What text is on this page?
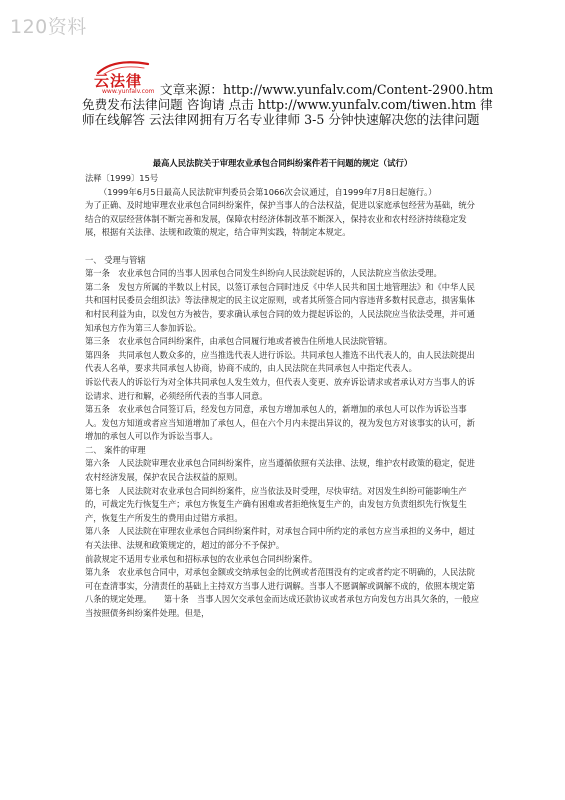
120资料
云法律
www.yunfalv.com 文章来源：http://www.yunfalv.com/Content-2900.htm 免费发布法律问题 咨询请 点击 http://www.yunfalv.com/tiwen.htm 律师在线解答 云法律网拥有万名专业律师 3-5 分钟快速解决您的法律问题
最高人民法院关于审理农业承包合同纠纷案件若干问题的规定（试行）

法释〔1999〕15号

（1999年6月5日最高人民法院审判委员会第1066次会议通过，自1999年7月8日起施行。）

为了正确、及时地审理农业承包合同纠纷案件，保护当事人的合法权益，促进以家庭承包经营为基础，统分结合的双层经营体制不断完善和发展，保障农村经济体制改革不断深入，保持农业和农村经济持续稳定发展，根据有关法律、法规和政策的规定，结合审判实践，特制定本规定。

一、 受理与管辖

第一条　农业承包合同的当事人因承包合同发生纠纷向人民法院起诉的，人民法院应当依法受理。

第二条　发包方所属的半数以上村民，以签订承包合同时违反《中华人民共和国土地管理法》和《中华人民共和国村民委员会组织法》等法律规定的民主议定原则，或者其所签合同内容违背多数村民意志，损害集体和村民利益为由，以发包方为被告，要求确认承包合同的效力提起诉讼的，人民法院应当依法受理，并可通知承包方作为第三人参加诉讼。

第三条　农业承包合同纠纷案件，由承包合同履行地或者被告住所地人民法院管辖。

第四条　共同承包人数众多的，应当推选代表人进行诉讼。共同承包人推选不出代表人的，由人民法院提出代表人名单，要求共同承包人协商，协商不成的，由人民法院在共同承包人中指定代表人。

诉讼代表人的诉讼行为对全体共同承包人发生效力，但代表人变更、放弃诉讼请求或者承认对方当事人的诉讼请求、进行和解，必须经所代表的当事人同意。

第五条　农业承包合同签订后，经发包方同意，承包方增加承包人的，新增加的承包人可以作为诉讼当事人。发包方知道或者应当知道增加了承包人，但在六个月内未提出异议的，视为发包方对该事实的认可，新增加的承包人可以作为诉讼当事人。

二、 案件的审理

第六条　人民法院审理农业承包合同纠纷案件，应当遵循依照有关法律、法规，维护农村政策的稳定，促进农村经济发展，保护农民合法权益的原则。

第七条　人民法院对农业承包合同纠纷案件，应当依法及时受理，尽快审结。对因发生纠纷可能影响生产的，可裁定先行恢复生产；承包方恢复生产确有困难或者拒绝恢复生产的，由发包方负责组织先行恢复生产，恢复生产所发生的费用由过错方承担。

第八条　人民法院在审理农业承包合同纠纷案件时，对承包合同中所约定的承包方应当承担的义务中，超过有关法律、法规和政策规定的，超过的部分不予保护。

前款规定不适用专业承包和招标承包的农业承包合同纠纷案件。

第九条　农业承包合同中，对承包金额或交纳承包金的比例或者范围没有约定或者约定不明确的，人民法院可在查清事实，分清责任的基础上主持双方当事人进行调解。当事人不愿调解或调解不成的，依照本规定第八条的规定处理。　　第十条　当事人因欠交承包金而达成还款协议或者承包方向发包方出具欠条的，一般应当按照债务纠纷案件处理。但是，
